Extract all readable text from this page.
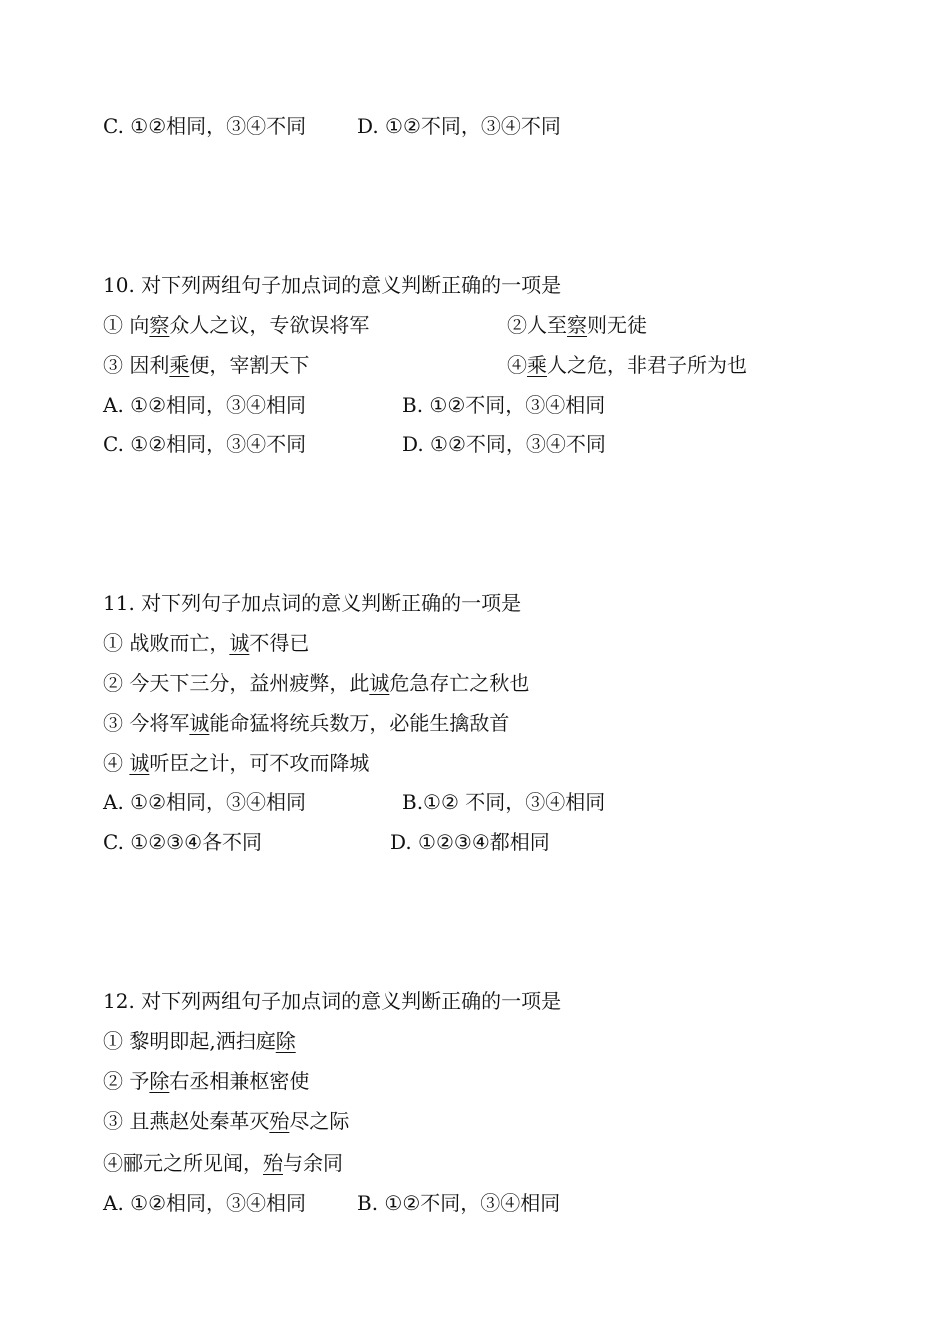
C. ①②相同，③④不同	D. ①②不同，③④不同
10. 对下列两组句子加点词的意义判断正确的一项是
① 向察众人之议，专欲误将军	②人至察则无徒
③ 因利乘便，宰割天下	④乘人之危，非君子所为也
A. ①②相同，③④相同	B. ①②不同，③④相同
C. ①②相同，③④不同	D. ①②不同，③④不同
11. 对下列句子加点词的意义判断正确的一项是
① 战败而亡，诚不得已
② 今天下三分，益州疲弊，此诚危急存亡之秋也
③ 今将军诚能命猛将统兵数万，必能生擒敌首
④ 诚听臣之计，可不攻而降城
A. ①②相同，③④相同	B.①② 不同，③④相同
C. ①②③④各不同	D. ①②③④都相同
12. 对下列两组句子加点词的意义判断正确的一项是
① 黎明即起,洒扫庭除
② 予除右丞相兼枢密使
③ 且燕赵处秦革灭殆尽之际
④郦元之所见闻，殆与余同
A. ①②相同，③④相同	B. ①②不同，③④相同
